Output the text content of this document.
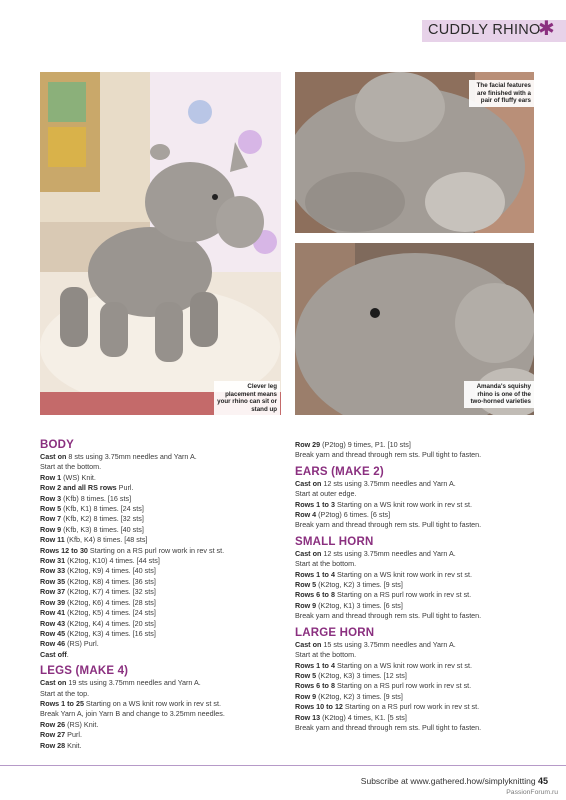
CUDDLY RHINO
✱
Clever leg placement means your rhino can sit or stand up
The facial features are finished with a pair of fluffy ears
Amanda's squishy rhino is one of the two-horned varieties
BODY
Cast on 8 sts using 3.75mm needles and Yarn A.
Start at the bottom.
Row 1 (WS) Knit.
Row 2 and all RS rows Purl.
Row 3 (Kfb) 8 times. [16 sts]
Row 5 (Kfb, K1) 8 times. [24 sts]
Row 7 (Kfb, K2) 8 times. [32 sts]
Row 9 (Kfb, K3) 8 times. [40 sts]
Row 11 (Kfb, K4) 8 times. [48 sts]
Rows 12 to 30 Starting on a RS purl row work in rev st st.
Row 31 (K2tog, K10) 4 times. [44 sts]
Row 33 (K2tog, K9) 4 times. [40 sts]
Row 35 (K2tog, K8) 4 times. [36 sts]
Row 37 (K2tog, K7) 4 times. [32 sts]
Row 39 (K2tog, K6) 4 times. [28 sts]
Row 41 (K2tog, K5) 4 times. [24 sts]
Row 43 (K2tog, K4) 4 times. [20 sts]
Row 45 (K2tog, K3) 4 times. [16 sts]
Row 46 (RS) Purl.
Cast off.
LEGS (MAKE 4)
Cast on 19 sts using 3.75mm needles and Yarn A.
Start at the top.
Rows 1 to 25 Starting on a WS knit row work in rev st st.
Break Yarn A, join Yarn B and change to 3.25mm needles.
Row 26 (RS) Knit.
Row 27 Purl.
Row 28 Knit.
Row 29 (P2tog) 9 times, P1. [10 sts]
Break yarn and thread through rem sts. Pull tight to fasten.
EARS (MAKE 2)
Cast on 12 sts using 3.75mm needles and Yarn A.
Start at outer edge.
Rows 1 to 3 Starting on a WS knit row work in rev st st.
Row 4 (P2tog) 6 times. [6 sts]
Break yarn and thread through rem sts. Pull tight to fasten.
SMALL HORN
Cast on 12 sts using 3.75mm needles and Yarn A.
Start at the bottom.
Rows 1 to 4 Starting on a WS knit row work in rev st st.
Row 5 (K2tog, K2) 3 times. [9 sts]
Rows 6 to 8 Starting on a RS purl row work in rev st st.
Row 9 (K2tog, K1) 3 times. [6 sts]
Break yarn and thread through rem sts. Pull tight to fasten.
LARGE HORN
Cast on 15 sts using 3.75mm needles and Yarn A.
Start at the bottom.
Rows 1 to 4 Starting on a WS knit row work in rev st st.
Row 5 (K2tog, K3) 3 times. [12 sts]
Rows 6 to 8 Starting on a RS purl row work in rev st st.
Row 9 (K2tog, K2) 3 times. [9 sts]
Rows 10 to 12 Starting on a RS purl row work in rev st st.
Row 13 (K2tog) 4 times, K1. [5 sts]
Break yarn and thread through rem sts. Pull tight to fasten.
Subscribe at www.gathered.how/simplyknitting 45
PassionForum.ru
